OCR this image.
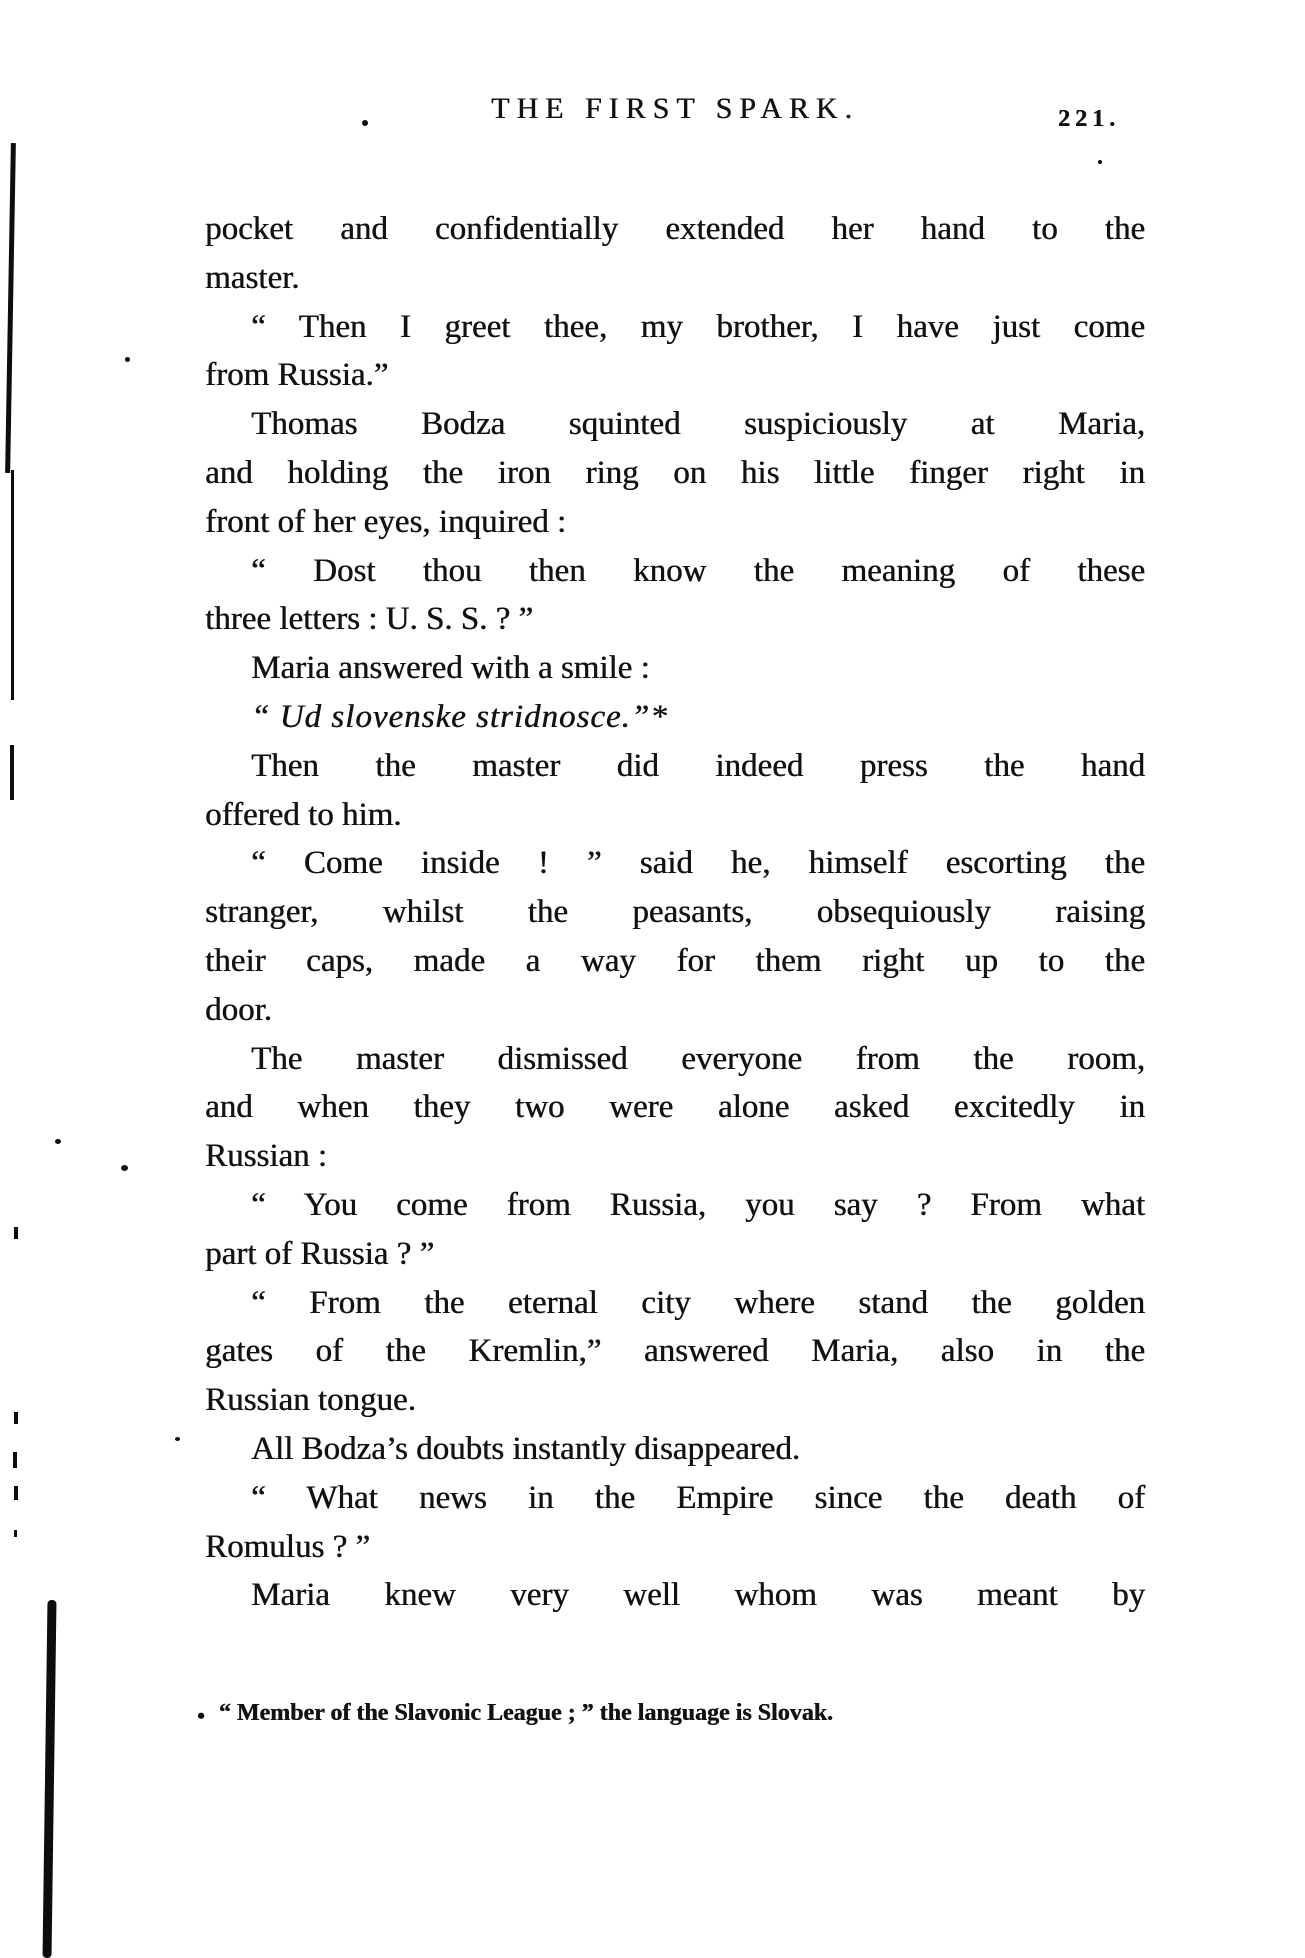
THE FIRST SPARK.	221.
pocket and confidentially extended her hand to the
master.
“ Then I greet thee, my brother, I have just come
from Russia.”
Thomas Bodza squinted suspiciously at Maria,
and holding the iron ring on his little finger right in
front of her eyes, inquired :
“ Dost thou then know the meaning of these
three letters : U. S. S. ? ”
Maria answered with a smile :
“ Ud slovenske stridnosce.”*
Then the master did indeed press the hand
offered to him.
“ Come inside ! ” said he, himself escorting the
stranger, whilst the peasants, obsequiously raising
their caps, made a way for them right up to the
door.
The master dismissed everyone from the room,
and when they two were alone asked excitedly in
Russian :
“ You come from Russia, you say ? From what
part of Russia ? ”
“ From the eternal city where stand the golden
gates of the Kremlin,” answered Maria, also in the
Russian tongue.
All Bodza’s doubts instantly disappeared.
“ What news in the Empire since the death of
Romulus ? ”
Maria knew very well whom was meant by
• “ Member of the Slavonic League ; ” the language is Slovak.
